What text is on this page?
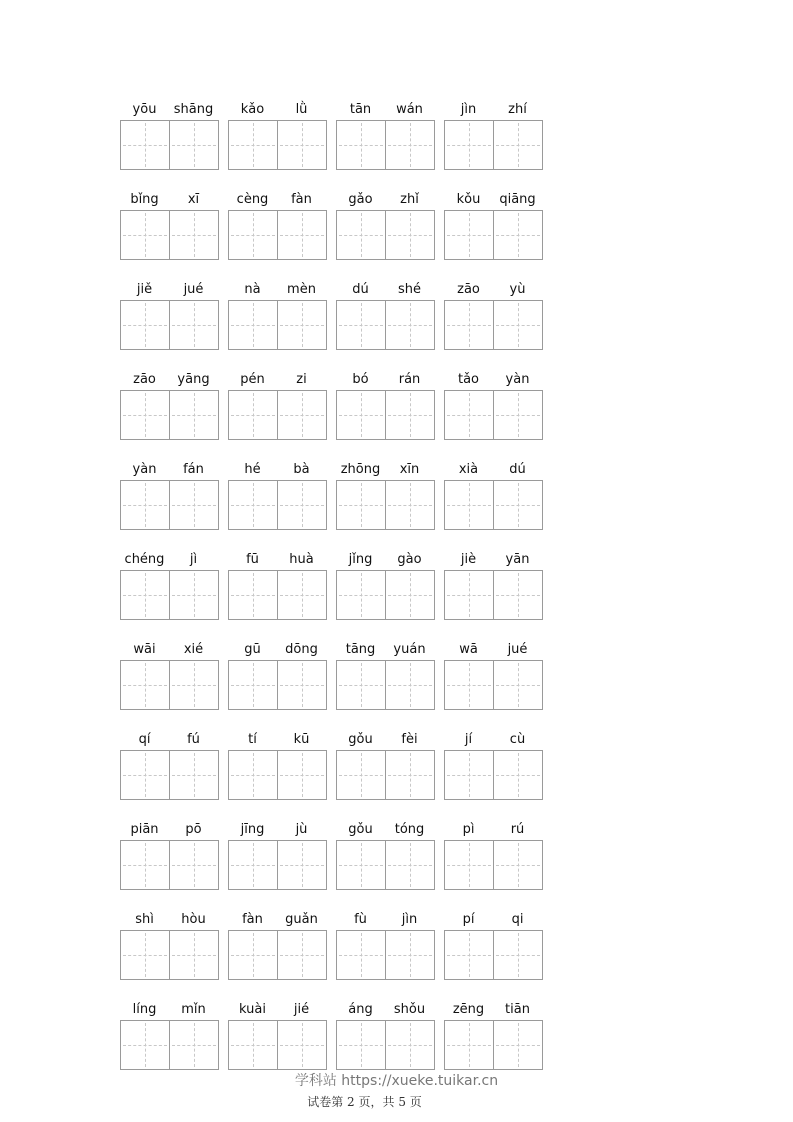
yōu	shāng	kǎo	lǜ	tān	wán	jìn	zhí
bǐng	xī	cèng	fàn	gǎo	zhǐ	kǒu	qiāng
jiě	jué	nà	mèn	dú	shé	zāo	yù
zāo	yāng	pén	zi	bó	rán	tǎo	yàn
yàn	fán	hé	bà	zhōng	xīn	xià	dú
chéng	jì	fū	huà	jǐng	gào	jiè	yān
wāi	xié	gū	dōng	tāng	yuán	wā	jué
qí	fú	tí	kū	gǒu	fèi	jí	cù
piān	pō	jīng	jù	gǒu	tóng	pì	rú
shì	hòu	fàn	guǎn	fù	jìn	pí	qi
líng	mǐn	kuài	jié	áng	shǒu	zēng	tiān
学科站 https://xueke.tuikar.cn
试卷第 2 页，共 5 页
